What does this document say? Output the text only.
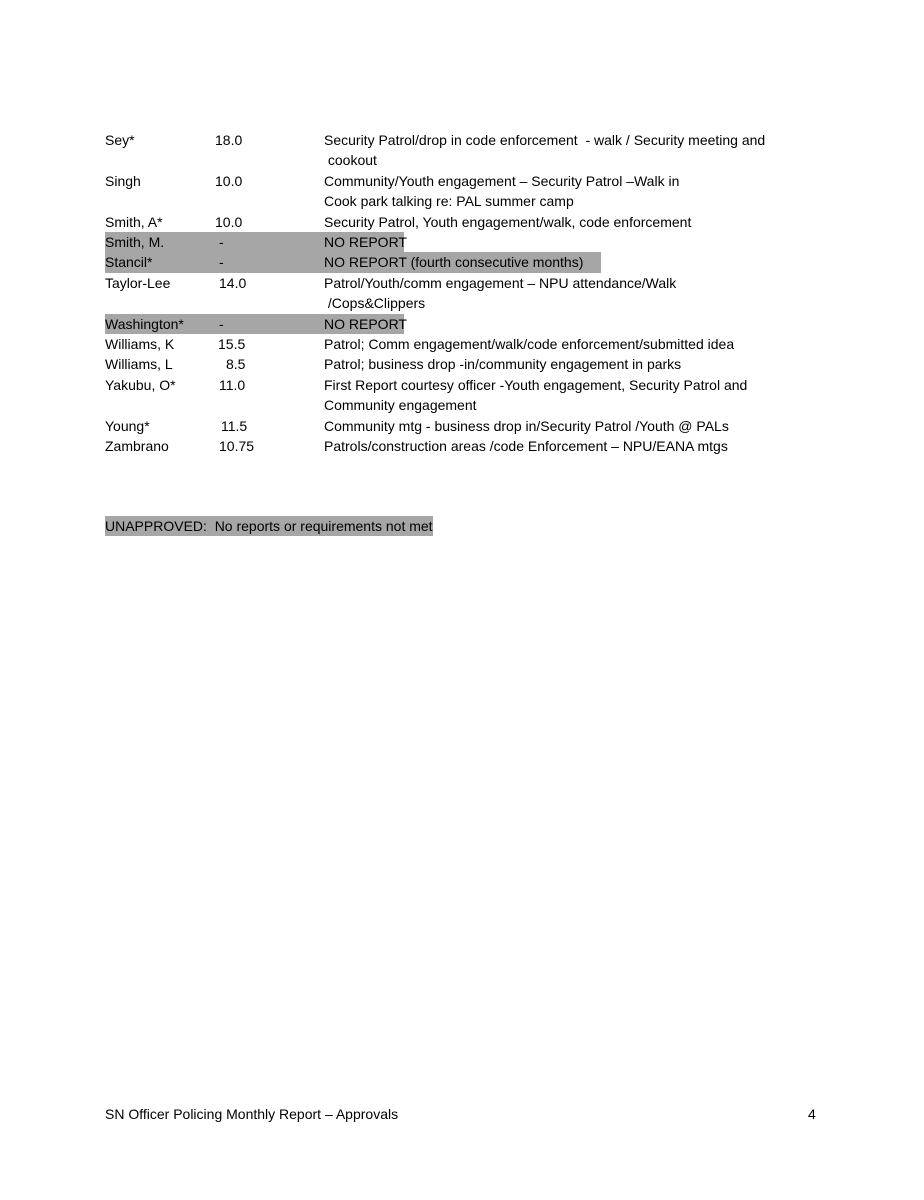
Sey*	18.0	Security Patrol/drop in code enforcement  - walk / Security meeting and
cookout
Singh	10.0	Community/Youth engagement – Security Patrol –Walk in
Cook park talking re: PAL summer camp
Smith, A*	10.0	Security Patrol, Youth engagement/walk, code enforcement
Smith, M.	-	NO REPORT
Stancil*	-	NO REPORT (fourth consecutive months)
Taylor-Lee	14.0	Patrol/Youth/comm engagement – NPU attendance/Walk
/Cops&Clippers
Washington*	-	NO REPORT
Williams, K	15.5	Patrol; Comm engagement/walk/code enforcement/submitted idea
Williams, L	8.5	Patrol; business drop -in/community engagement in parks
Yakubu, O*	11.0	First Report courtesy officer -Youth engagement, Security Patrol and
Community engagement
Young*	11.5	Community mtg - business drop in/Security Patrol /Youth @ PALs
Zambrano	10.75	Patrols/construction areas /code Enforcement – NPU/EANA mtgs
UNAPPROVED:  No reports or requirements not met
SN Officer Policing Monthly Report – Approvals	4
